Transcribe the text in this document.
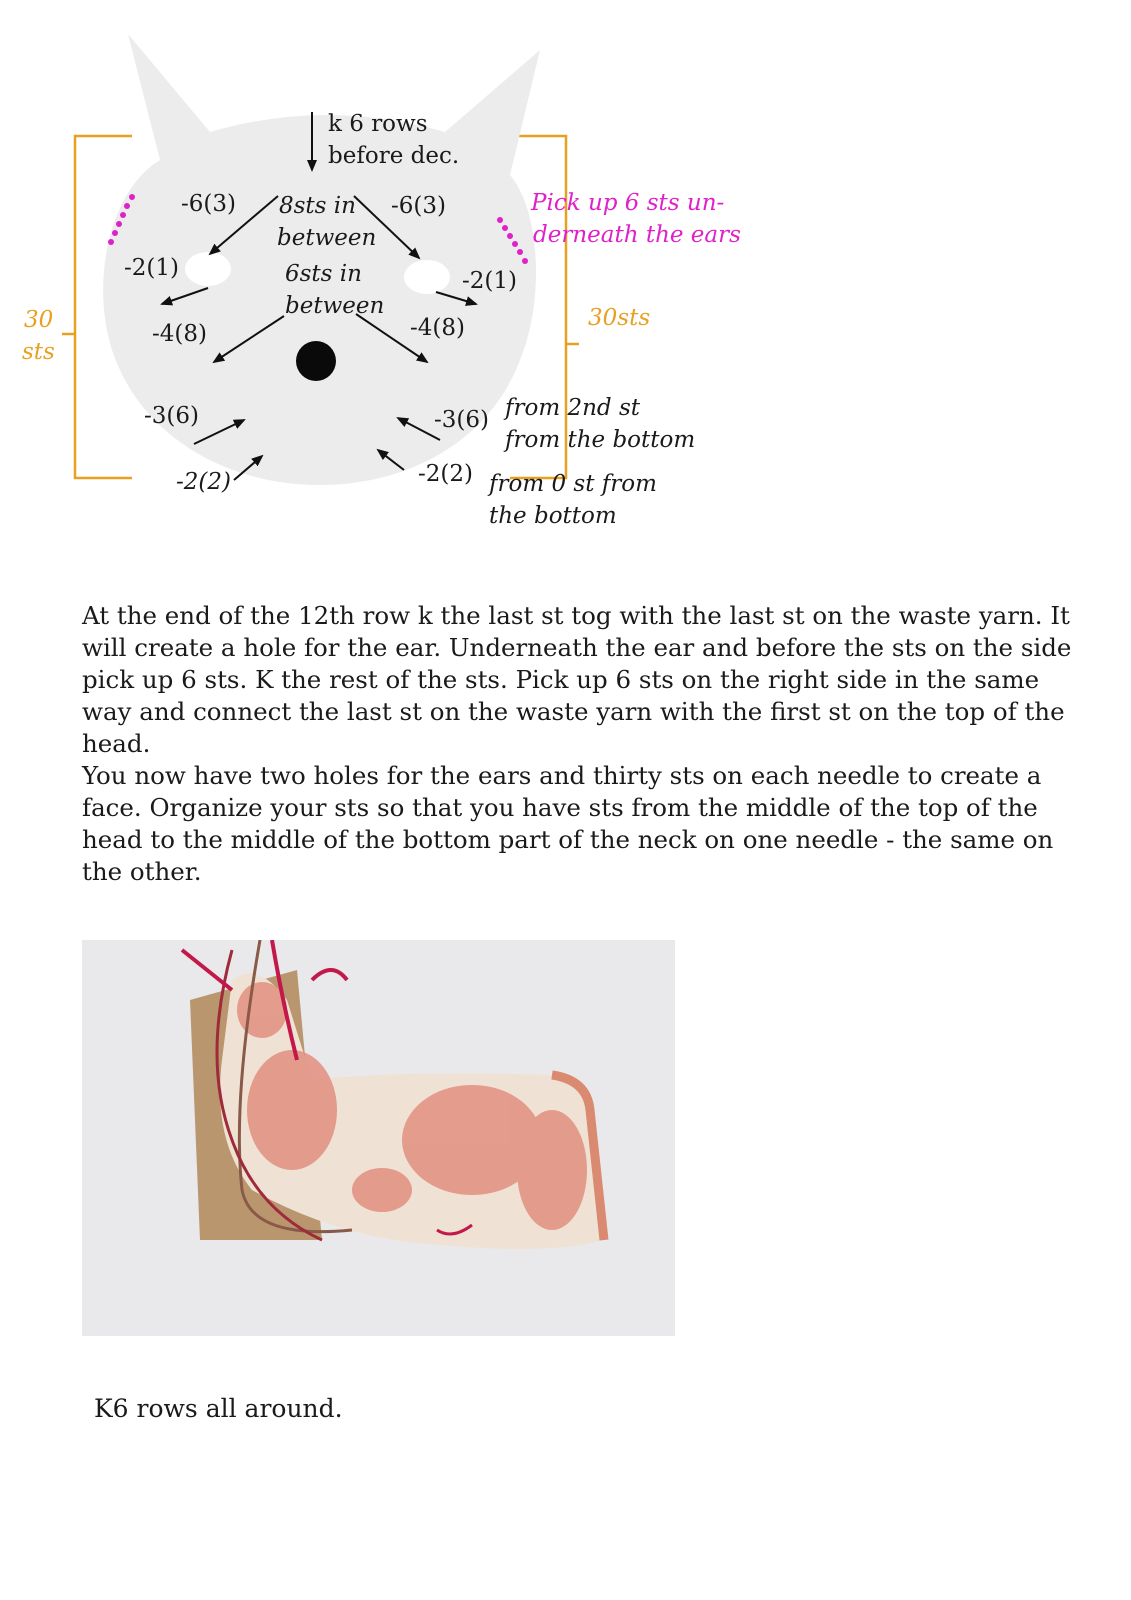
k 6 rows
before dec.
8sts in
between
6sts in
between
-6(3)	-6(3)
-2(1)	-2(1)
-4(8)	-4(8)
-3(6)	-3(6)
-2(2)	-2(2)
Pick up 6 sts un-
derneath the ears
30
sts
30sts
from 2nd st
from the bottom
from 0 st from
the bottom

At the end of the 12th row k the last st tog with the last st on the waste yarn. It will create a hole for the ear. Underneath the ear and before the sts on the side pick up 6 sts. K the rest of the sts. Pick up 6 sts on the right side in the same way and connect the last st on the waste yarn with the first st on the top of the head.

You now have two holes for the ears and thirty sts on each needle to create a face. Organize your sts so that you have sts from the middle of the top of the head to the middle of the bottom part of the neck on one needle - the same on the other.

K6 rows all around.
